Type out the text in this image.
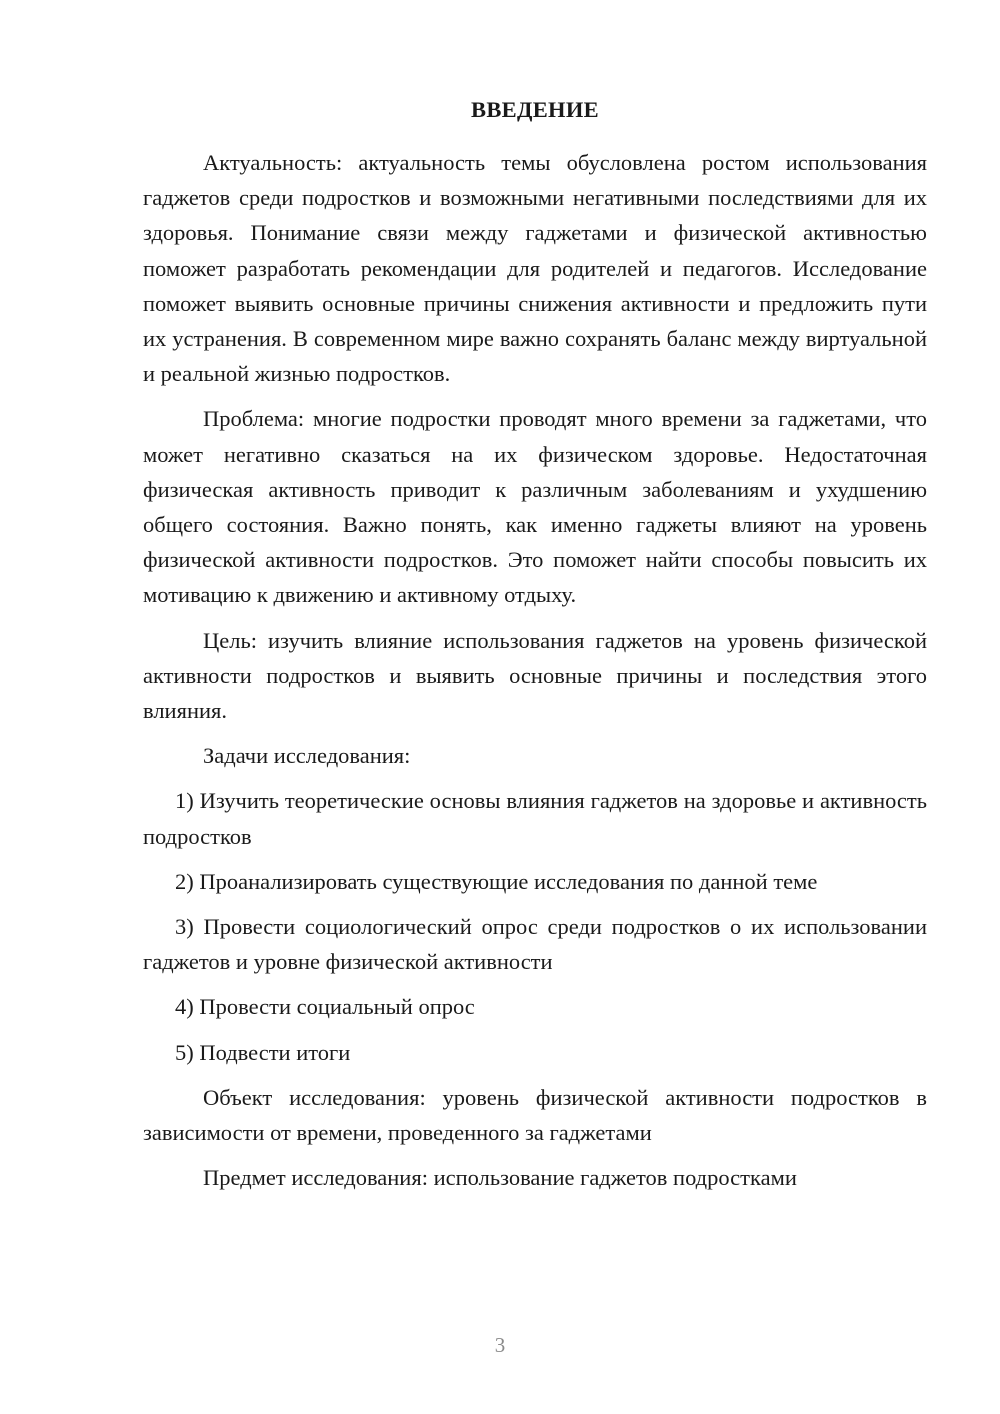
ВВЕДЕНИЕ

Актуальность: актуальность темы обусловлена ростом использования гаджетов среди подростков и возможными негативными последствиями для их здоровья. Понимание связи между гаджетами и физической активностью поможет разработать рекомендации для родителей и педагогов. Исследование поможет выявить основные причины снижения активности и предложить пути их устранения. В современном мире важно сохранять баланс между виртуальной и реальной жизнью подростков.

Проблема: многие подростки проводят много времени за гаджетами, что может негативно сказаться на их физическом здоровье. Недостаточная физическая активность приводит к различным заболеваниям и ухудшению общего состояния. Важно понять, как именно гаджеты влияют на уровень физической активности подростков. Это поможет найти способы повысить их мотивацию к движению и активному отдыху.

Цель: изучить влияние использования гаджетов на уровень физической активности подростков и выявить основные причины и последствия этого влияния.

Задачи исследования:

1) Изучить теоретические основы влияния гаджетов на здоровье и активность подростков

2) Проанализировать существующие исследования по данной теме

3) Провести социологический опрос среди подростков о их использовании гаджетов и уровне физической активности

4) Провести социальный опрос

5) Подвести итоги

Объект исследования: уровень физической активности подростков в зависимости от времени, проведенного за гаджетами

Предмет исследования: использование гаджетов подростками

3
